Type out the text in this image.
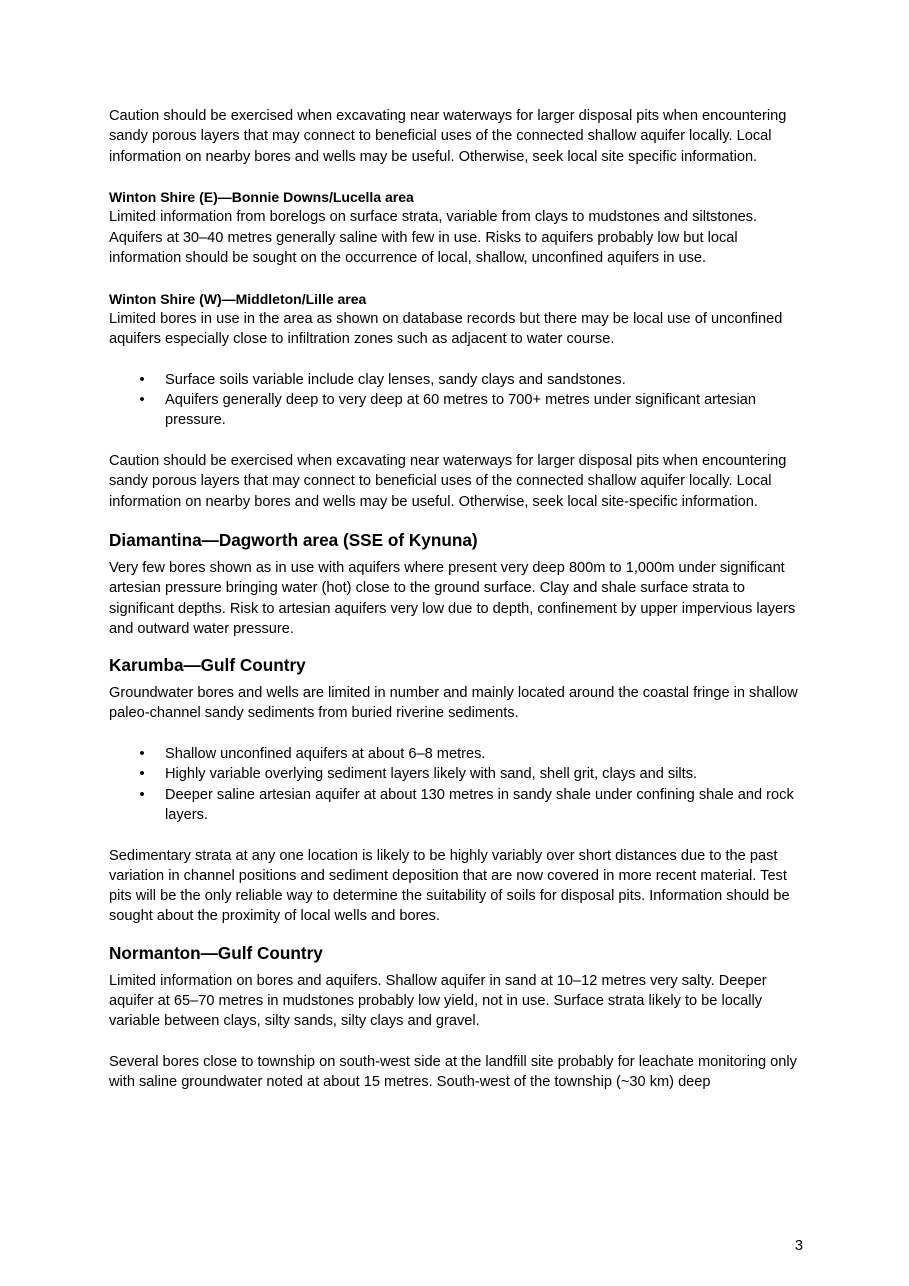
Caution should be exercised when excavating near waterways for larger disposal pits when encountering sandy porous layers that may connect to beneficial uses of the connected shallow aquifer locally. Local information on nearby bores and wells may be useful. Otherwise, seek local site specific information.

Winton Shire (E)—Bonnie Downs/Lucella area

Limited information from borelogs on surface strata, variable from clays to mudstones and siltstones. Aquifers at 30–40 metres generally saline with few in use. Risks to aquifers probably low but local information should be sought on the occurrence of local, shallow, unconfined aquifers in use.

Winton Shire (W)—Middleton/Lille area

Limited bores in use in the area as shown on database records but there may be local use of unconfined aquifers especially close to infiltration zones such as adjacent to water course.

• Surface soils variable include clay lenses, sandy clays and sandstones.
• Aquifers generally deep to very deep at 60 metres to 700+ metres under significant artesian pressure.

Caution should be exercised when excavating near waterways for larger disposal pits when encountering sandy porous layers that may connect to beneficial uses of the connected shallow aquifer locally. Local information on nearby bores and wells may be useful. Otherwise, seek local site-specific information.

Diamantina—Dagworth area (SSE of Kynuna)

Very few bores shown as in use with aquifers where present very deep 800m to 1,000m under significant artesian pressure bringing water (hot) close to the ground surface. Clay and shale surface strata to significant depths. Risk to artesian aquifers very low due to depth, confinement by upper impervious layers and outward water pressure.

Karumba—Gulf Country

Groundwater bores and wells are limited in number and mainly located around the coastal fringe in shallow paleo-channel sandy sediments from buried riverine sediments.

• Shallow unconfined aquifers at about 6–8 metres.
• Highly variable overlying sediment layers likely with sand, shell grit, clays and silts.
• Deeper saline artesian aquifer at about 130 metres in sandy shale under confining shale and rock layers.

Sedimentary strata at any one location is likely to be highly variably over short distances due to the past variation in channel positions and sediment deposition that are now covered in more recent material. Test pits will be the only reliable way to determine the suitability of soils for disposal pits. Information should be sought about the proximity of local wells and bores.

Normanton—Gulf Country

Limited information on bores and aquifers. Shallow aquifer in sand at 10–12 metres very salty. Deeper aquifer at 65–70 metres in mudstones probably low yield, not in use. Surface strata likely to be locally variable between clays, silty sands, silty clays and gravel.

Several bores close to township on south-west side at the landfill site probably for leachate monitoring only with saline groundwater noted at about 15 metres. South-west of the township (~30 km) deep

3
